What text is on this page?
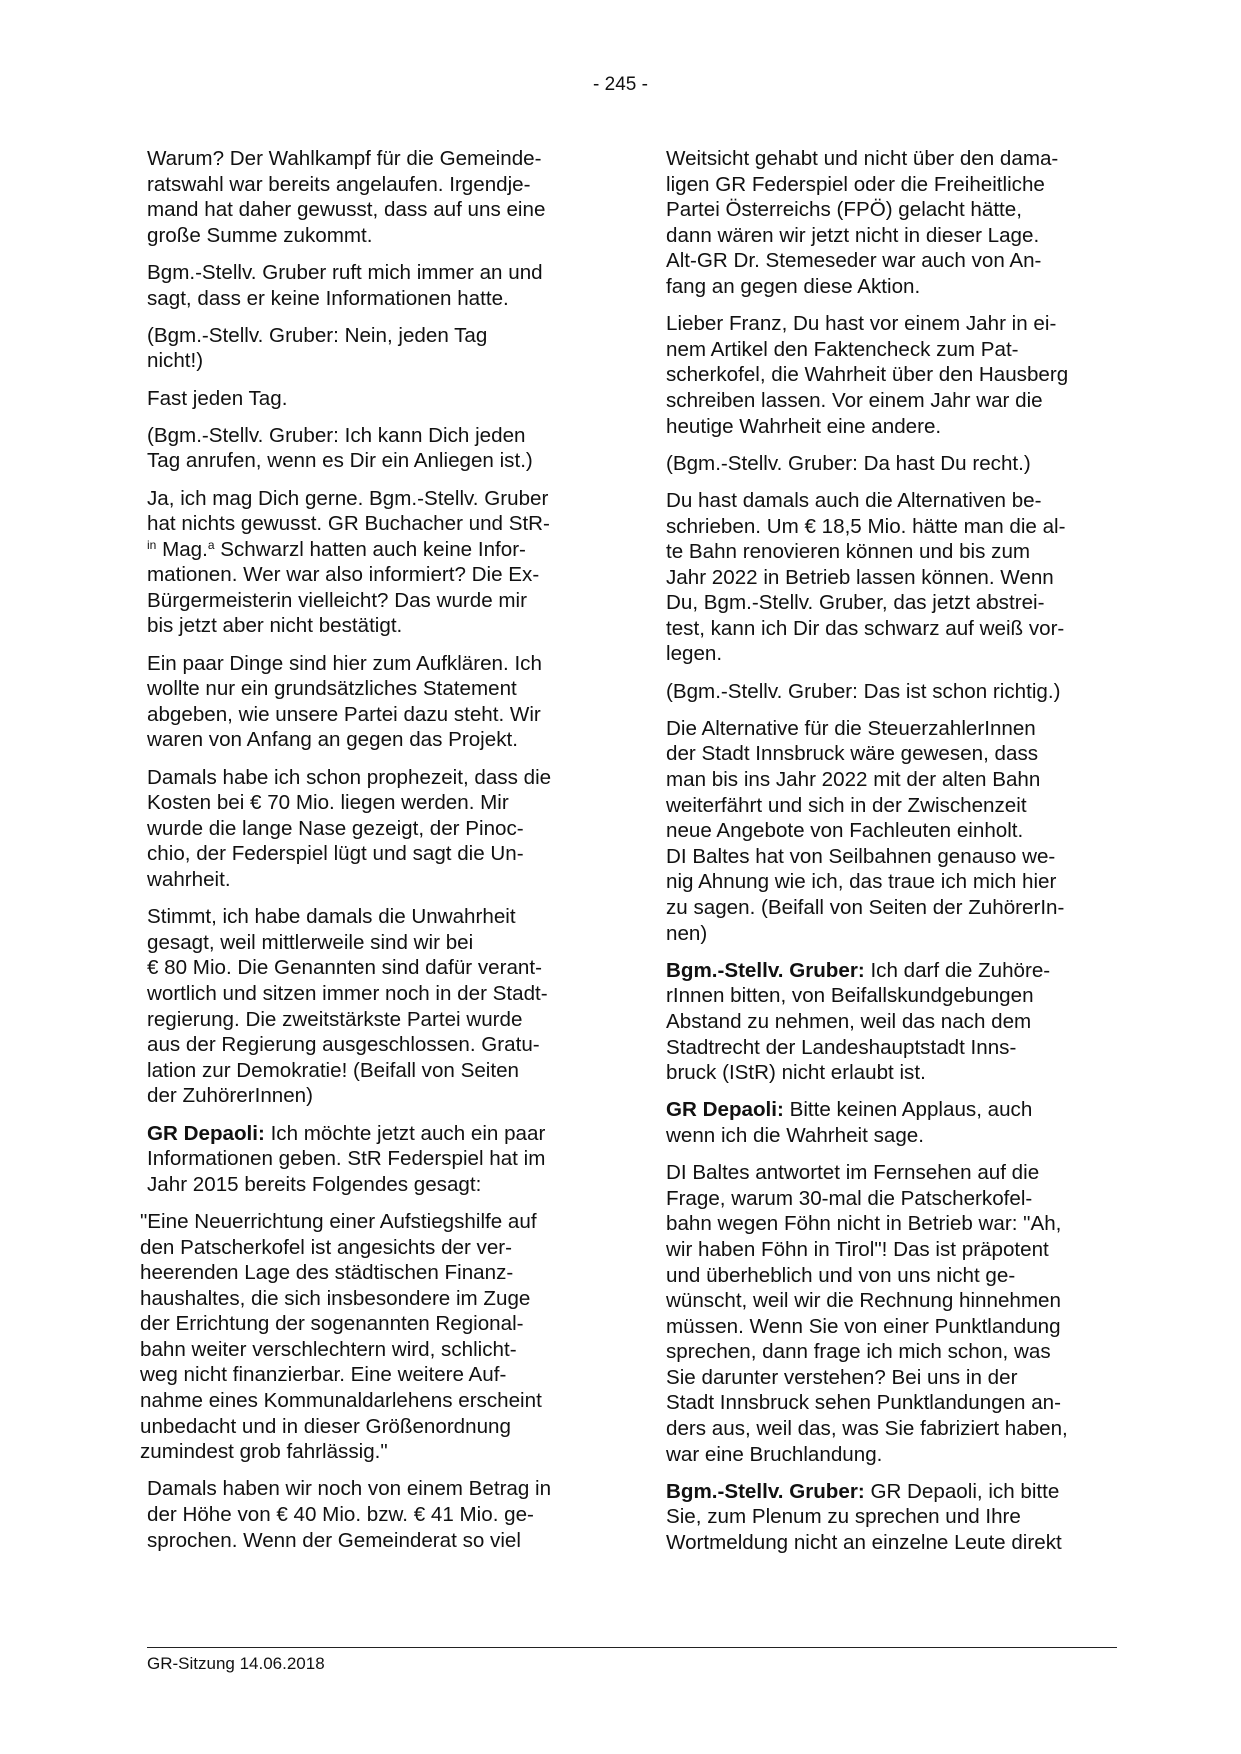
- 245 -

Warum? Der Wahlkampf für die Gemeinde-
ratswahl war bereits angelaufen. Irgendje-
mand hat daher gewusst, dass auf uns eine
große Summe zukommt.

Bgm.-Stellv. Gruber ruft mich immer an und
sagt, dass er keine Informationen hatte.

(Bgm.-Stellv. Gruber: Nein, jeden Tag
nicht!)

Fast jeden Tag.

(Bgm.-Stellv. Gruber: Ich kann Dich jeden
Tag anrufen, wenn es Dir ein Anliegen ist.)

Ja, ich mag Dich gerne. Bgm.-Stellv. Gruber
hat nichts gewusst. GR Buchacher und StR-
$^{in}$ Mag.$^a$ Schwarzl hatten auch keine Infor-
mationen. Wer war also informiert? Die Ex-
Bürgermeisterin vielleicht? Das wurde mir
bis jetzt aber nicht bestätigt.

Ein paar Dinge sind hier zum Aufklären. Ich
wollte nur ein grundsätzliches Statement
abgeben, wie unsere Partei dazu steht. Wir
waren von Anfang an gegen das Projekt.

Damals habe ich schon prophezeit, dass die
Kosten bei € 70 Mio. liegen werden. Mir
wurde die lange Nase gezeigt, der Pinoc-
chio, der Federspiel lügt und sagt die Un-
wahrheit.

Stimmt, ich habe damals die Unwahrheit
gesagt, weil mittlerweile sind wir bei
€ 80 Mio. Die Genannten sind dafür verant-
wortlich und sitzen immer noch in der Stadt-
regierung. Die zweitstärkste Partei wurde
aus der Regierung ausgeschlossen. Gratu-
lation zur Demokratie! (Beifall von Seiten
der ZuhörerInnen)

GR Depaoli: Ich möchte jetzt auch ein paar
Informationen geben. StR Federspiel hat im
Jahr 2015 bereits Folgendes gesagt:

"Eine Neuerrichtung einer Aufstiegshilfe auf
den Patscherkofel ist angesichts der ver-
heerenden Lage des städtischen Finanz-
haushaltes, die sich insbesondere im Zuge
der Errichtung der sogenannten Regional-
bahn weiter verschlechtern wird, schlicht-
weg nicht finanzierbar. Eine weitere Auf-
nahme eines Kommunaldarlehens erscheint
unbedacht und in dieser Größenordnung
zumindest grob fahrlässig."

Damals haben wir noch von einem Betrag in
der Höhe von € 40 Mio. bzw. € 41 Mio. ge-
sprochen. Wenn der Gemeinderat so viel

Weitsicht gehabt und nicht über den dama-
ligen GR Federspiel oder die Freiheitliche
Partei Österreichs (FPÖ) gelacht hätte,
dann wären wir jetzt nicht in dieser Lage.
Alt-GR Dr. Stemeseder war auch von An-
fang an gegen diese Aktion.

Lieber Franz, Du hast vor einem Jahr in ei-
nem Artikel den Faktencheck zum Pat-
scherkofel, die Wahrheit über den Hausberg
schreiben lassen. Vor einem Jahr war die
heutige Wahrheit eine andere.

(Bgm.-Stellv. Gruber: Da hast Du recht.)

Du hast damals auch die Alternativen be-
schrieben. Um € 18,5 Mio. hätte man die al-
te Bahn renovieren können und bis zum
Jahr 2022 in Betrieb lassen können. Wenn
Du, Bgm.-Stellv. Gruber, das jetzt abstrei-
test, kann ich Dir das schwarz auf weiß vor-
legen.

(Bgm.-Stellv. Gruber: Das ist schon richtig.)

Die Alternative für die SteuerzahlerInnen
der Stadt Innsbruck wäre gewesen, dass
man bis ins Jahr 2022 mit der alten Bahn
weiterfährt und sich in der Zwischenzeit
neue Angebote von Fachleuten einholt.
DI Baltes hat von Seilbahnen genauso we-
nig Ahnung wie ich, das traue ich mich hier
zu sagen. (Beifall von Seiten der ZuhörerIn-
nen)

Bgm.-Stellv. Gruber: Ich darf die Zuhöre-
rInnen bitten, von Beifallskundgebungen
Abstand zu nehmen, weil das nach dem
Stadtrecht der Landeshauptstadt Inns-
bruck (IStR) nicht erlaubt ist.

GR Depaoli: Bitte keinen Applaus, auch
wenn ich die Wahrheit sage.

DI Baltes antwortet im Fernsehen auf die
Frage, warum 30-mal die Patscherkofel-
bahn wegen Föhn nicht in Betrieb war: "Ah,
wir haben Föhn in Tirol"! Das ist präpotent
und überheblich und von uns nicht ge-
wünscht, weil wir die Rechnung hinnehmen
müssen. Wenn Sie von einer Punktlandung
sprechen, dann frage ich mich schon, was
Sie darunter verstehen? Bei uns in der
Stadt Innsbruck sehen Punktlandungen an-
ders aus, weil das, was Sie fabriziert haben,
war eine Bruchlandung.

Bgm.-Stellv. Gruber: GR Depaoli, ich bitte
Sie, zum Plenum zu sprechen und Ihre
Wortmeldung nicht an einzelne Leute direkt

GR-Sitzung 14.06.2018
